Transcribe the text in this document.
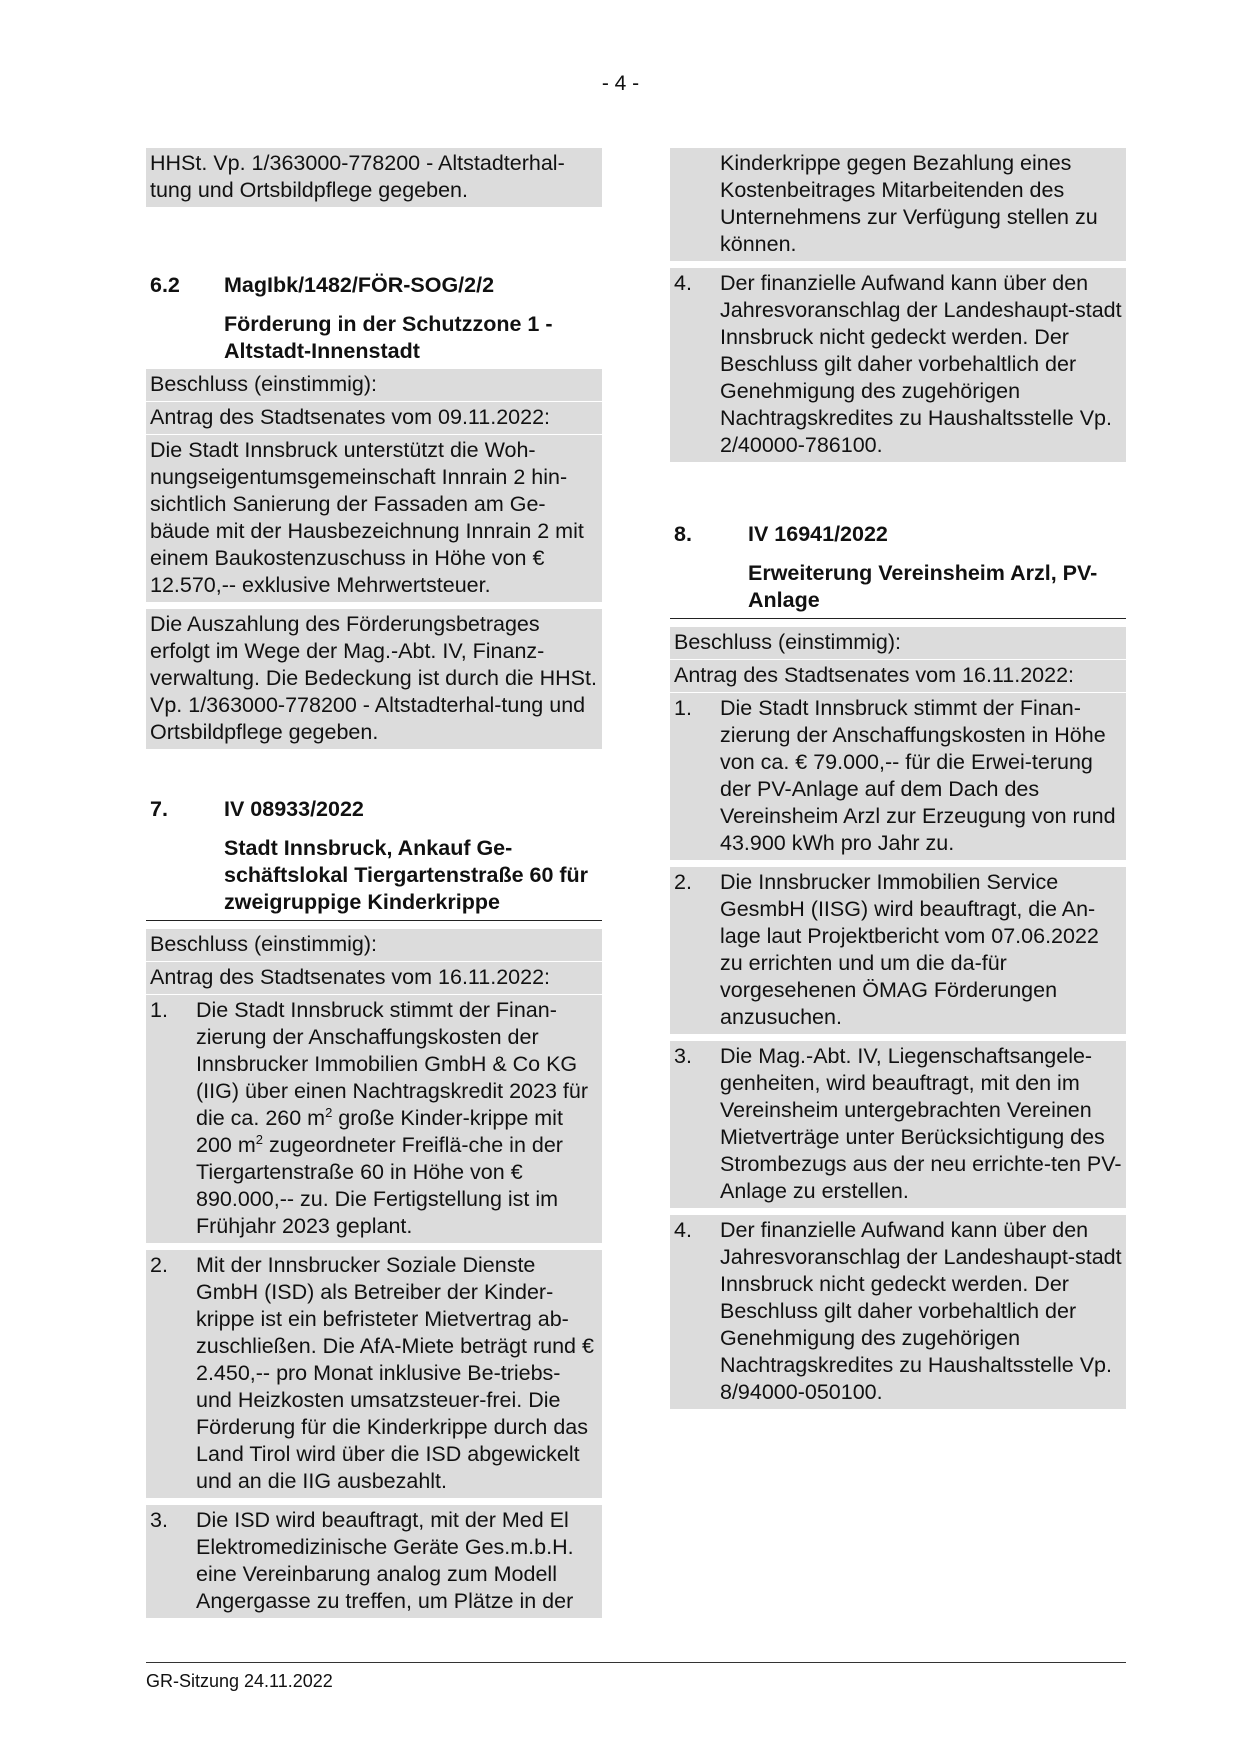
- 4 -
HHSt. Vp. 1/363000-778200 - Altstadterhal-tung und Ortsbildpflege gegeben.
6.2	MagIbk/1482/FÖR-SOG/2/2
Förderung in der Schutzzone 1 - Altstadt-Innenstadt
Beschluss (einstimmig):
Antrag des Stadtsenates vom 09.11.2022:
Die Stadt Innsbruck unterstützt die Woh-nungseigentumsgemeinschaft Innrain 2 hin-sichtlich Sanierung der Fassaden am Ge-bäude mit der Hausbezeichnung Innrain 2 mit einem Baukostenzuschuss in Höhe von € 12.570,-- exklusive Mehrwertsteuer.
Die Auszahlung des Förderungsbetrages erfolgt im Wege der Mag.-Abt. IV, Finanz-verwaltung. Die Bedeckung ist durch die HHSt. Vp. 1/363000-778200 - Altstadterhal-tung und Ortsbildpflege gegeben.
7.	IV 08933/2022
Stadt Innsbruck, Ankauf Ge-schäftslokal Tiergartenstraße 60 für zweigruppige Kinderkrippe
Beschluss (einstimmig):
Antrag des Stadtsenates vom 16.11.2022:
1.	Die Stadt Innsbruck stimmt der Finan-zierung der Anschaffungskosten der Innsbrucker Immobilien GmbH & Co KG (IIG) über einen Nachtragskredit 2023 für die ca. 260 $m^2$ große Kinder-krippe mit 200 $m^2$ zugeordneter Freiflä-che in der Tiergartenstraße 60 in Höhe von € 890.000,-- zu. Die Fertigstellung ist im Frühjahr 2023 geplant.
2.	Mit der Innsbrucker Soziale Dienste GmbH (ISD) als Betreiber der Kinder-krippe ist ein befristeter Mietvertrag ab-zuschließen. Die AfA-Miete beträgt rund € 2.450,-- pro Monat inklusive Be-triebs- und Heizkosten umsatzsteuer-frei. Die Förderung für die Kinderkrippe durch das Land Tirol wird über die ISD abgewickelt und an die IIG ausbezahlt.
3.	Die ISD wird beauftragt, mit der Med El Elektromedizinische Geräte Ges.m.b.H. eine Vereinbarung analog zum Modell Angergasse zu treffen, um Plätze in der
Kinderkrippe gegen Bezahlung eines Kostenbeitrages Mitarbeitenden des Unternehmens zur Verfügung stellen zu können.
4.	Der finanzielle Aufwand kann über den Jahresvoranschlag der Landeshaupt-stadt Innsbruck nicht gedeckt werden. Der Beschluss gilt daher vorbehaltlich der Genehmigung des zugehörigen Nachtragskredites zu Haushaltsstelle Vp. 2/40000-786100.
8.	IV 16941/2022
Erweiterung Vereinsheim Arzl, PV-Anlage
Beschluss (einstimmig):
Antrag des Stadtsenates vom 16.11.2022:
1.	Die Stadt Innsbruck stimmt der Finan-zierung der Anschaffungskosten in Höhe von ca. € 79.000,-- für die Erwei-terung der PV-Anlage auf dem Dach des Vereinsheim Arzl zur Erzeugung von rund 43.900 kWh pro Jahr zu.
2.	Die Innsbrucker Immobilien Service GesmbH (IISG) wird beauftragt, die An-lage laut Projektbericht vom 07.06.2022 zu errichten und um die da-für vorgesehenen ÖMAG Förderungen anzusuchen.
3.	Die Mag.-Abt. IV, Liegenschaftsangele-genheiten, wird beauftragt, mit den im Vereinsheim untergebrachten Vereinen Mietverträge unter Berücksichtigung des Strombezugs aus der neu errichte-ten PV-Anlage zu erstellen.
4.	Der finanzielle Aufwand kann über den Jahresvoranschlag der Landeshaupt-stadt Innsbruck nicht gedeckt werden. Der Beschluss gilt daher vorbehaltlich der Genehmigung des zugehörigen Nachtragskredites zu Haushaltsstelle Vp. 8/94000-050100.
GR-Sitzung 24.11.2022
